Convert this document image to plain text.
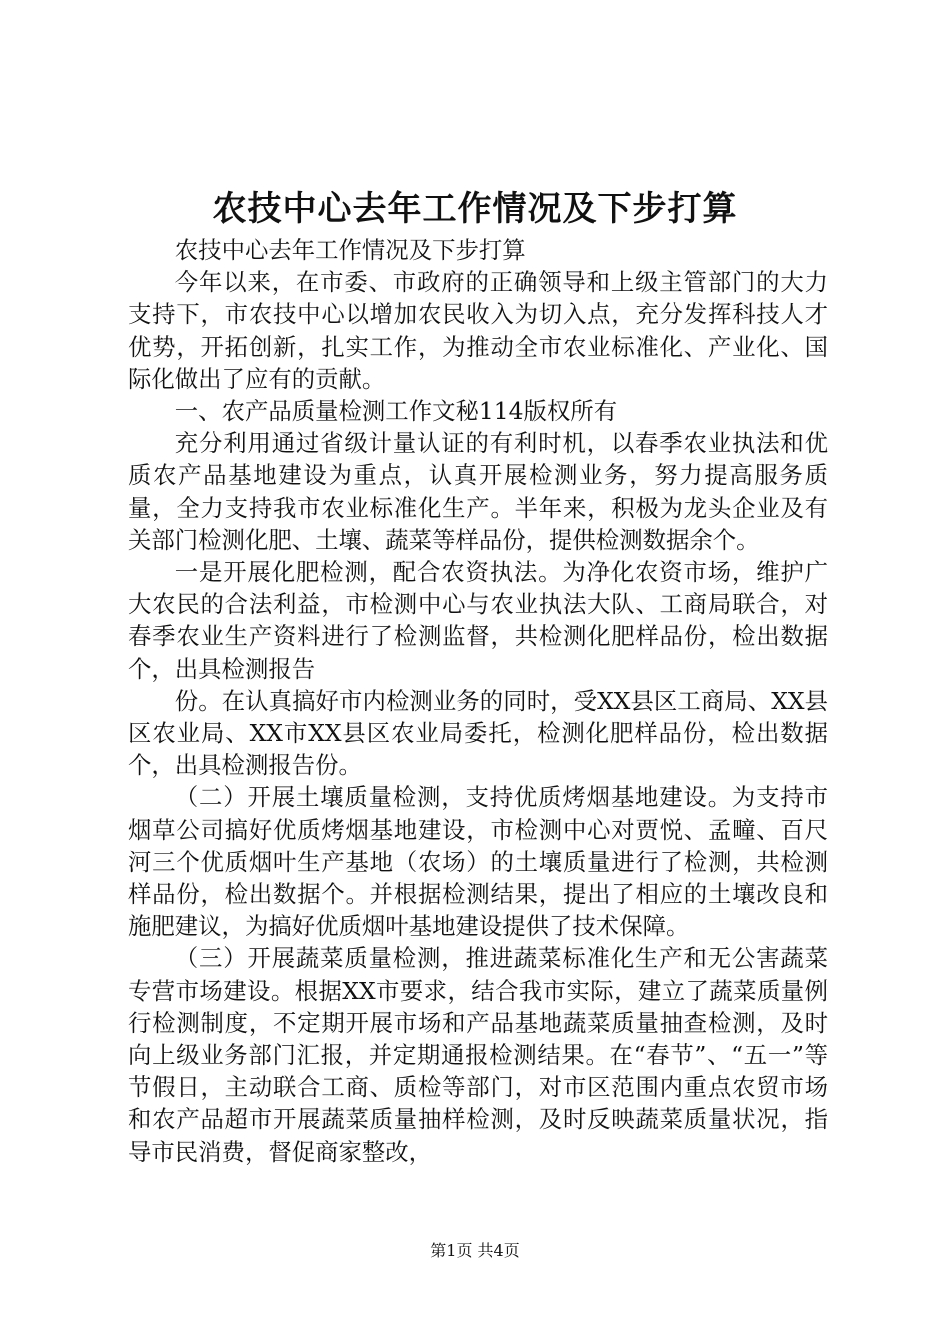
农技中心去年工作情况及下步打算

农技中心去年工作情况及下步打算

今年以来，在市委、市政府的正确领导和上级主管部门的大力支持下，市农技中心以增加农民收入为切入点，充分发挥科技人才优势，开拓创新，扎实工作，为推动全市农业标准化、产业化、国际化做出了应有的贡献。

一、农产品质量检测工作文秘114版权所有

充分利用通过省级计量认证的有利时机，以春季农业执法和优质农产品基地建设为重点，认真开展检测业务，努力提高服务质量，全力支持我市农业标准化生产。半年来，积极为龙头企业及有关部门检测化肥、土壤、蔬菜等样品份，提供检测数据余个。

一是开展化肥检测，配合农资执法。为净化农资市场，维护广大农民的合法利益，市检测中心与农业执法大队、工商局联合，对春季农业生产资料进行了检测监督，共检测化肥样品份，检出数据个，出具检测报告

份。在认真搞好市内检测业务的同时，受XX县区工商局、XX县区农业局、XX市XX县区农业局委托，检测化肥样品份，检出数据个，出具检测报告份。

（二）开展土壤质量检测，支持优质烤烟基地建设。为支持市烟草公司搞好优质烤烟基地建设，市检测中心对贾悦、孟疃、百尺河三个优质烟叶生产基地（农场）的土壤质量进行了检测，共检测样品份，检出数据个。并根据检测结果，提出了相应的土壤改良和施肥建议，为搞好优质烟叶基地建设提供了技术保障。

（三）开展蔬菜质量检测，推进蔬菜标准化生产和无公害蔬菜专营市场建设。根据XX市要求，结合我市实际，建立了蔬菜质量例行检测制度，不定期开展市场和产品基地蔬菜质量抽查检测，及时向上级业务部门汇报，并定期通报检测结果。在“春节”、“五一”等节假日，主动联合工商、质检等部门，对市区范围内重点农贸市场和农产品超市开展蔬菜质量抽样检测，及时反映蔬菜质量状况，指导市民消费，督促商家整改，

第1页 共4页
